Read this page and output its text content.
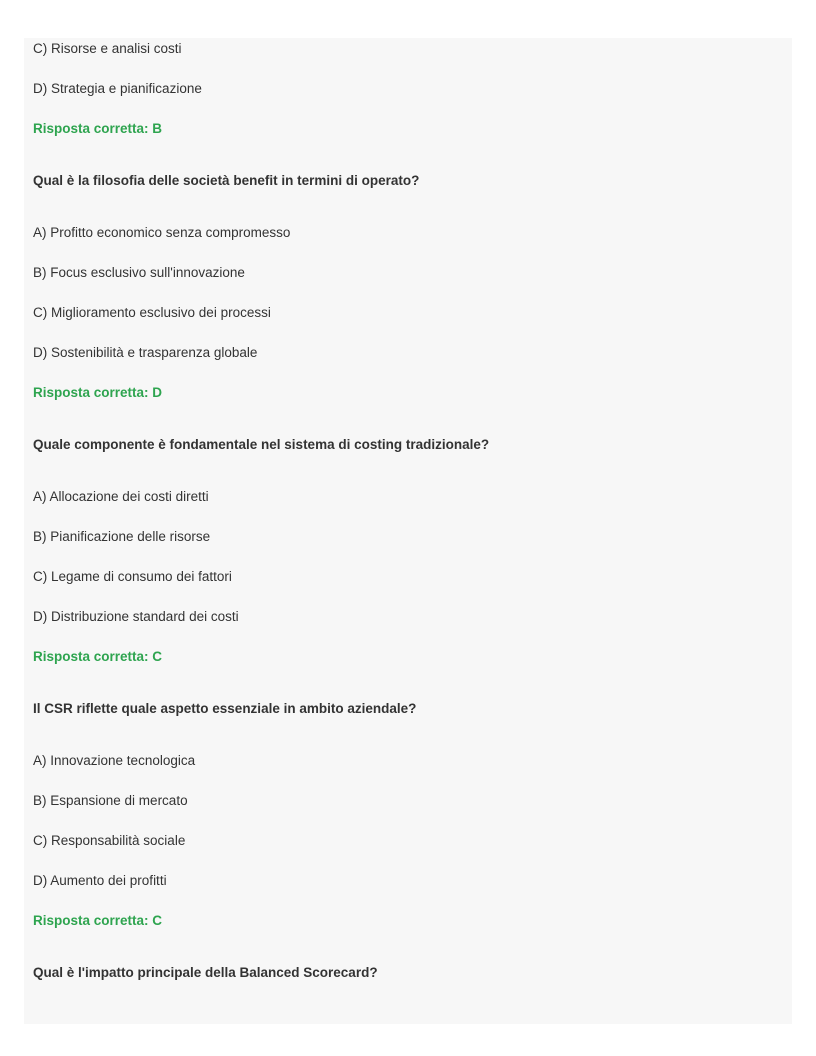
C) Risorse e analisi costi
D) Strategia e pianificazione
Risposta corretta: B
Qual è la filosofia delle società benefit in termini di operato?
A) Profitto economico senza compromesso
B) Focus esclusivo sull'innovazione
C) Miglioramento esclusivo dei processi
D) Sostenibilità e trasparenza globale
Risposta corretta: D
Quale componente è fondamentale nel sistema di costing tradizionale?
A) Allocazione dei costi diretti
B) Pianificazione delle risorse
C) Legame di consumo dei fattori
D) Distribuzione standard dei costi
Risposta corretta: C
Il CSR riflette quale aspetto essenziale in ambito aziendale?
A) Innovazione tecnologica
B) Espansione di mercato
C) Responsabilità sociale
D) Aumento dei profitti
Risposta corretta: C
Qual è l'impatto principale della Balanced Scorecard?
